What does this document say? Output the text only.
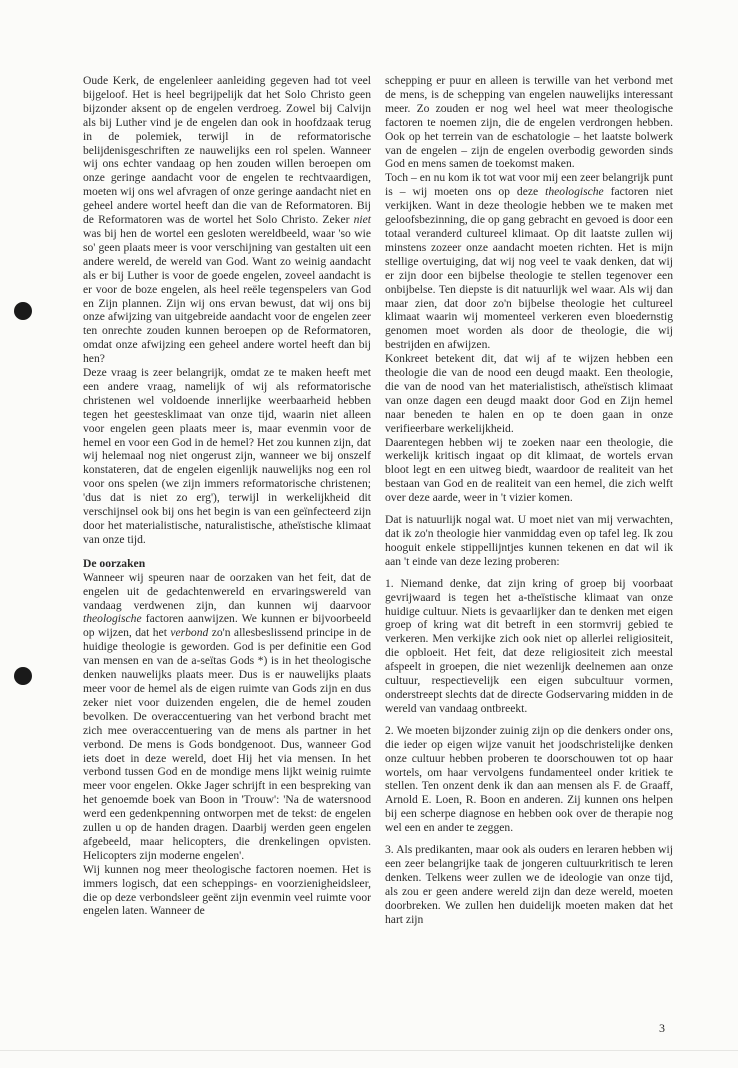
Oude Kerk, de engelenleer aanleiding gegeven had tot veel bijgeloof. Het is heel begrijpelijk dat het Solo Christo geen bijzonder aksent op de engelen verdroeg. Zowel bij Calvijn als bij Luther vind je de engelen dan ook in hoofdzaak terug in de polemiek, terwijl in de reformatorische belijdenisgeschriften ze nauwelijks een rol spelen. Wanneer wij ons echter vandaag op hen zouden willen beroepen om onze geringe aandacht voor de engelen te rechtvaardigen, moeten wij ons wel afvragen of onze geringe aandacht niet en geheel andere wortel heeft dan die van de Reformatoren. Bij de Reformatoren was de wortel het Solo Christo. Zeker niet was bij hen de wortel een gesloten wereldbeeld, waar 'so wie so' geen plaats meer is voor verschijning van gestalten uit een andere wereld, de wereld van God. Want zo weinig aandacht als er bij Luther is voor de goede engelen, zoveel aandacht is er voor de boze engelen, als heel reële tegenspelers van God en Zijn plannen. Zijn wij ons ervan bewust, dat wij ons bij onze afwijzing van uitgebreide aandacht voor de engelen zeer ten onrechte zouden kunnen beroepen op de Reformatoren, omdat onze afwijzing een geheel andere wortel heeft dan bij hen?

Deze vraag is zeer belangrijk, omdat ze te maken heeft met een andere vraag, namelijk of wij als reformatorische christenen wel voldoende innerlijke weerbaarheid hebben tegen het geestesklimaat van onze tijd, waarin niet alleen voor engelen geen plaats meer is, maar evenmin voor de hemel en voor een God in de hemel? Het zou kunnen zijn, dat wij helemaal nog niet ongerust zijn, wanneer we bij onszelf konstateren, dat de engelen eigenlijk nauwelijks nog een rol voor ons spelen (we zijn immers reformatorische christenen; 'dus dat is niet zo erg'), terwijl in werkelijkheid dit verschijnsel ook bij ons het begin is van een geïnfecteerd zijn door het materialistische, naturalistische, atheïstische klimaat van onze tijd.

De oorzaken

Wanneer wij speuren naar de oorzaken van het feit, dat de engelen uit de gedachtenwereld en ervaringswereld van vandaag verdwenen zijn, dan kunnen wij daarvoor theologische factoren aanwijzen. We kunnen er bijvoorbeeld op wijzen, dat het verbond zo'n allesbeslissend principe in de huidige theologie is geworden. God is per definitie een God van mensen en van de a-seïtas Gods *) is in het theologische denken nauwelijks plaats meer. Dus is er nauwelijks plaats meer voor de hemel als de eigen ruimte van Gods zijn en dus zeker niet voor duizenden engelen, die de hemel zouden bevolken. De overaccentuering van het verbond bracht met zich mee overaccentuering van de mens als partner in het verbond. De mens is Gods bondgenoot. Dus, wanneer God iets doet in deze wereld, doet Hij het via mensen. In het verbond tussen God en de mondige mens lijkt weinig ruimte meer voor engelen. Okke Jager schrijft in een bespreking van het genoemde boek van Boon in 'Trouw': 'Na de watersnood werd een gedenkpenning ontworpen met de tekst: de engelen zullen u op de handen dragen. Daarbij werden geen engelen afgebeeld, maar helicopters, die drenkelingen opvisten. Helicopters zijn moderne engelen'.

Wij kunnen nog meer theologische factoren noemen. Het is immers logisch, dat een scheppings- en voorzienigheidsleer, die op deze verbondsleer geënt zijn evenmin veel ruimte voor engelen laten. Wanneer de

schepping er puur en alleen is terwille van het verbond met de mens, is de schepping van engelen nauwelijks interessant meer. Zo zouden er nog wel heel wat meer theologische factoren te noemen zijn, die de engelen verdrongen hebben. Ook op het terrein van de eschatologie – het laatste bolwerk van de engelen – zijn de engelen overbodig geworden sinds God en mens samen de toekomst maken.

Toch – en nu kom ik tot wat voor mij een zeer belangrijk punt is – wij moeten ons op deze theologische factoren niet verkijken. Want in deze theologie hebben we te maken met geloofsbezinning, die op gang gebracht en gevoed is door een totaal veranderd cultureel klimaat. Op dit laatste zullen wij minstens zozeer onze aandacht moeten richten. Het is mijn stellige overtuiging, dat wij nog veel te vaak denken, dat wij er zijn door een bijbelse theologie te stellen tegenover een onbijbelse. Ten diepste is dit natuurlijk wel waar. Als wij dan maar zien, dat door zo'n bijbelse theologie het cultureel klimaat waarin wij momenteel verkeren even bloedernstig genomen moet worden als door de theologie, die wij bestrijden en afwijzen.

Konkreet betekent dit, dat wij af te wijzen hebben een theologie die van de nood een deugd maakt. Een theologie, die van de nood van het materialistisch, atheïstisch klimaat van onze dagen een deugd maakt door God en Zijn hemel naar beneden te halen en op te doen gaan in onze verifieerbare werkelijkheid.

Daarentegen hebben wij te zoeken naar een theologie, die werkelijk kritisch ingaat op dit klimaat, de wortels ervan bloot legt en een uitweg biedt, waardoor de realiteit van het bestaan van God en de realiteit van een hemel, die zich welft over deze aarde, weer in 't vizier komen.

Dat is natuurlijk nogal wat. U moet niet van mij verwachten, dat ik zo'n theologie hier vanmiddag even op tafel leg. Ik zou hooguit enkele stippellijntjes kunnen tekenen en dat wil ik aan 't einde van deze lezing proberen:

1. Niemand denke, dat zijn kring of groep bij voorbaat gevrijwaard is tegen het a-theïstische klimaat van onze huidige cultuur. Niets is gevaarlijker dan te denken met eigen groep of kring wat dit betreft in een stormvrij gebied te verkeren. Men verkijke zich ook niet op allerlei religiositeit, die opbloeit. Het feit, dat deze religiositeit zich meestal afspeelt in groepen, die niet wezenlijk deelnemen aan onze cultuur, respectievelijk een eigen subcultuur vormen, onderstreept slechts dat de directe Godservaring midden in de wereld van vandaag ontbreekt.

2. We moeten bijzonder zuinig zijn op die denkers onder ons, die ieder op eigen wijze vanuit het joodschristelijke denken onze cultuur hebben proberen te doorschouwen tot op haar wortels, om haar vervolgens fundamenteel onder kritiek te stellen. Ten onzent denk ik dan aan mensen als F. de Graaff, Arnold E. Loen, R. Boon en anderen. Zij kunnen ons helpen bij een scherpe diagnose en hebben ook over de therapie nog wel een en ander te zeggen.

3. Als predikanten, maar ook als ouders en leraren hebben wij een zeer belangrijke taak de jongeren cultuurkritisch te leren denken. Telkens weer zullen we de ideologie van onze tijd, als zou er geen andere wereld zijn dan deze wereld, moeten doorbreken. We zullen hen duidelijk moeten maken dat het hart zijn

3
